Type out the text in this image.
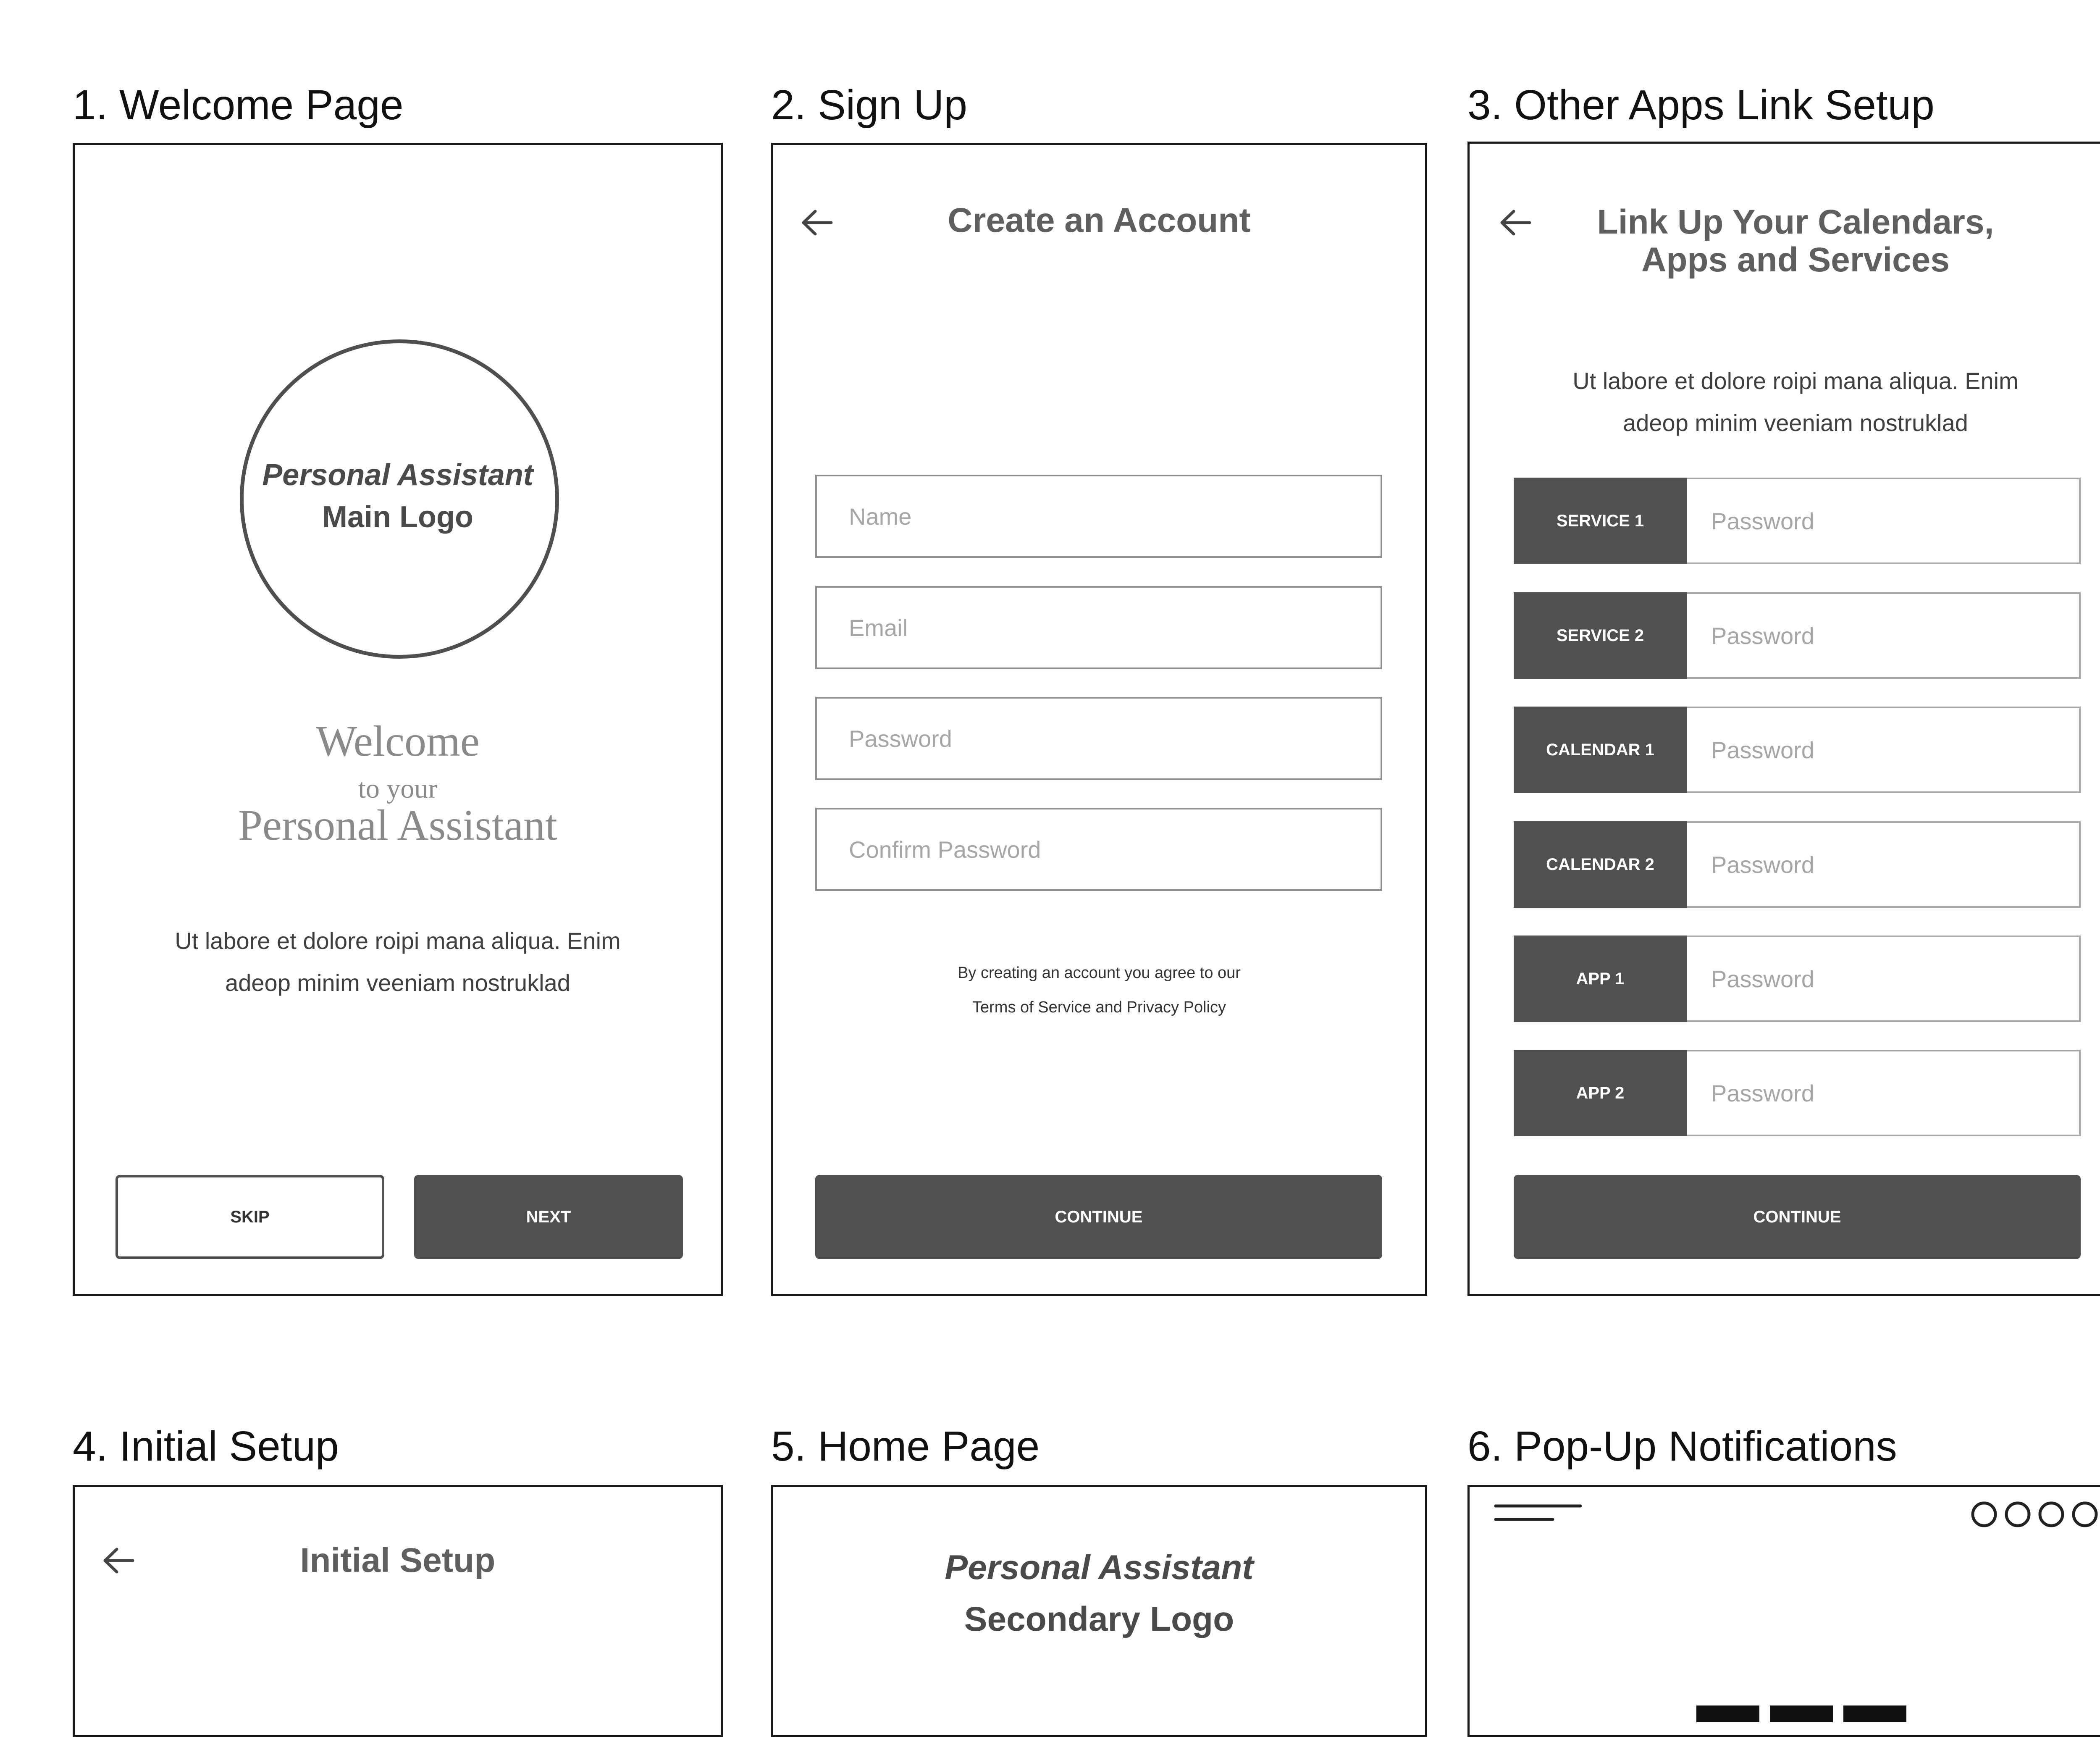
1. Welcome Page	2. Sign Up	3. Other Apps Link Setup
4. Initial Setup	5. Home Page	6. Pop-Up Notifications
Personal Assistant
Main Logo
Welcome
to your
Personal Assistant
Ut labore et dolore roipi mana aliqua. Enim
adeop minim veeniam nostruklad
SKIP	NEXT
Create an Account
Name
Email
Password
Confirm Password
By creating an account you agree to our
Terms of Service and Privacy Policy
CONTINUE
Link Up Your Calendars,
Apps and Services
Ut labore et dolore roipi mana aliqua. Enim
adeop minim veeniam nostruklad
SERVICE 1	Password
SERVICE 2	Password
CALENDAR 1	Password
CALENDAR 2	Password
APP 1	Password
APP 2	Password
CONTINUE
Initial Setup	Personal Assistant
Secondary Logo
